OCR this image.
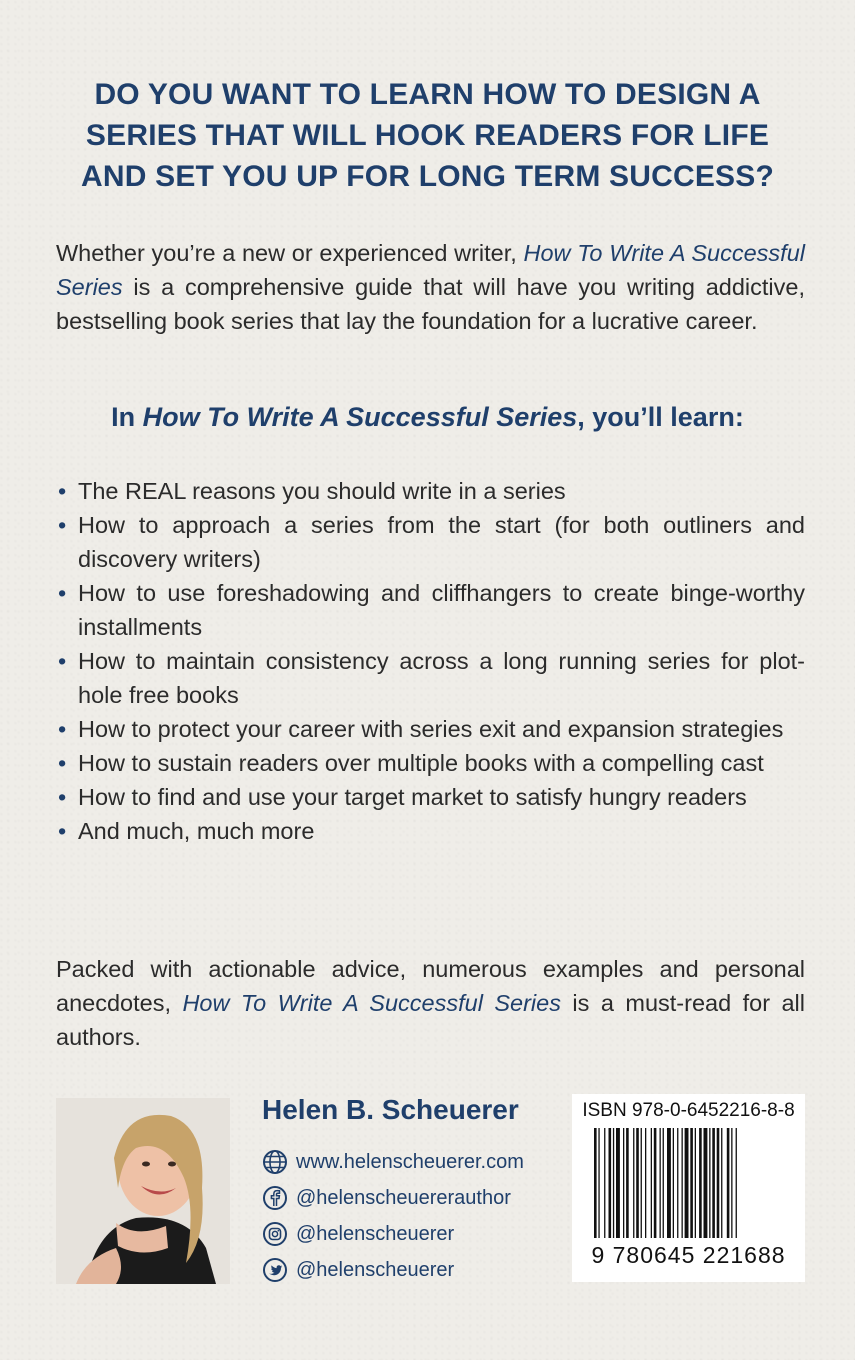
DO YOU WANT TO LEARN HOW TO DESIGN A
SERIES THAT WILL HOOK READERS FOR LIFE
AND SET YOU UP FOR LONG TERM SUCCESS?
Whether you’re a new or experienced writer, How To Write A Successful Series is a comprehensive guide that will have you writing addictive, bestselling book series that lay the foundation for a lucrative career.
In How To Write A Successful Series, you’ll learn:
• The REAL reasons you should write in a series
• How to approach a series from the start (for both outliners and discovery writers)
• How to use foreshadowing and cliffhangers to create binge-worthy installments
• How to maintain consistency across a long running series for plot-hole free books
• How to protect your career with series exit and expansion strategies
• How to sustain readers over multiple books with a compelling cast
• How to find and use your target market to satisfy hungry readers
• And much, much more
Packed with actionable advice, numerous examples and personal anecdotes, How To Write A Successful Series is a must-read for all authors.
Helen B. Scheuerer
www.helenscheuerer.com
@helenscheuererauthor
@helenscheuerer
@helenscheuerer
ISBN 978-0-6452216-8-8
9 780645 221688
